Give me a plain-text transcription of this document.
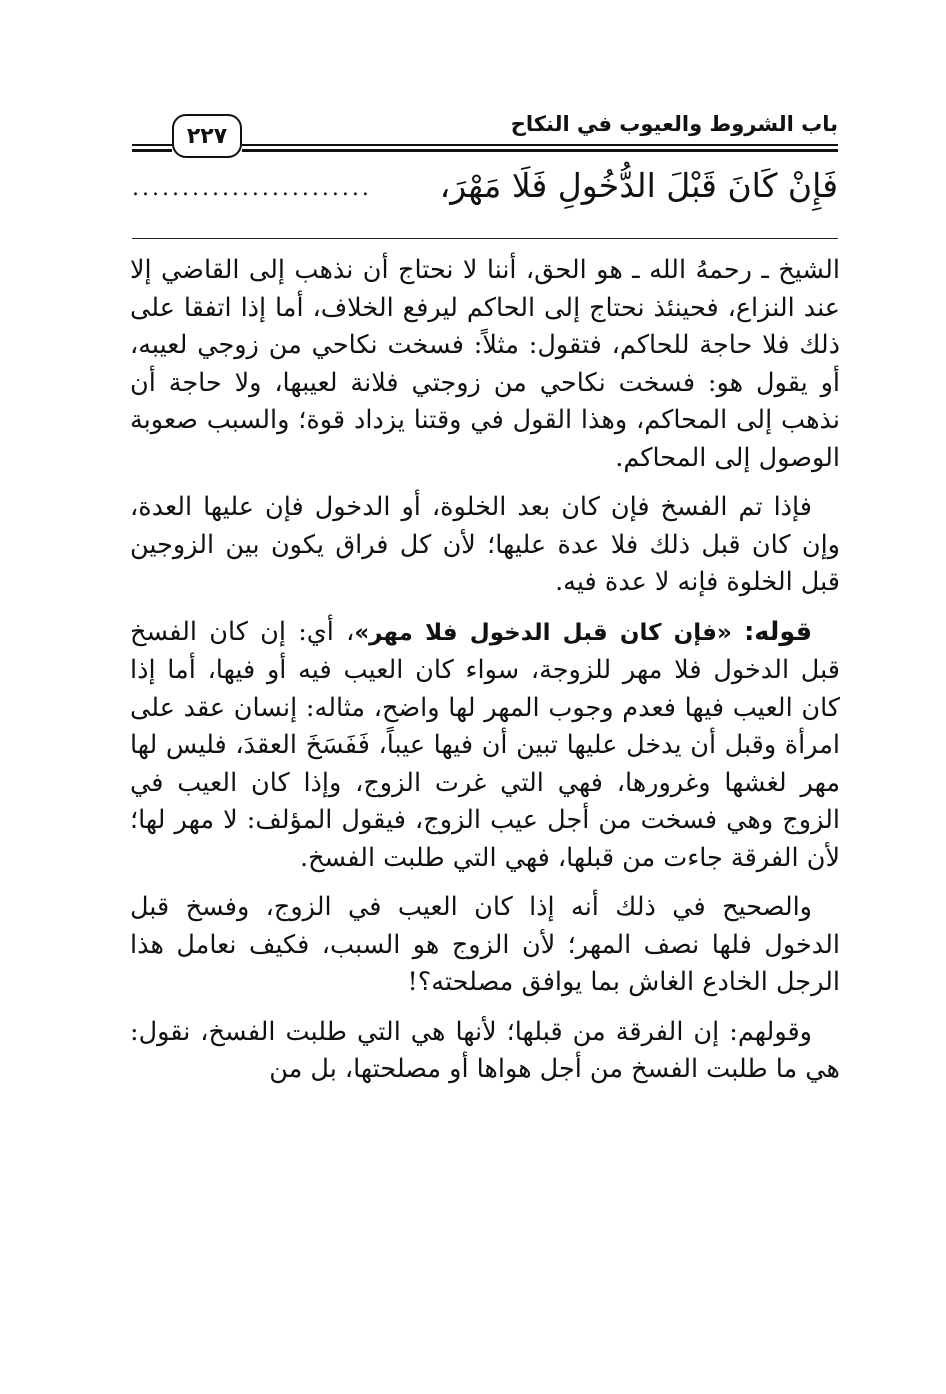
باب الشروط والعيوب في النكاح
٢٢٧
فَإِنْ كَانَ قَبْلَ الدُّخُولِ فَلَا مَهْرَ،
........................

الشيخ ـ رحمهُ الله ـ هو الحق، أننا لا نحتاج أن نذهب إلى القاضي إلا عند النزاع، فحينئذ نحتاج إلى الحاكم ليرفع الخلاف، أما إذا اتفقا على ذلك فلا حاجة للحاكم، فتقول: مثلاً: فسخت نكاحي من زوجي لعيبه، أو يقول هو: فسخت نكاحي من زوجتي فلانة لعيبها، ولا حاجة أن نذهب إلى المحاكم، وهذا القول في وقتنا يزداد قوة؛ والسبب صعوبة الوصول إلى المحاكم.

فإذا تم الفسخ فإن كان بعد الخلوة، أو الدخول فإن عليها العدة، وإن كان قبل ذلك فلا عدة عليها؛ لأن كل فراق يكون بين الزوجين قبل الخلوة فإنه لا عدة فيه.

قوله: «فإن كان قبل الدخول فلا مهر»، أي: إن كان الفسخ قبل الدخول فلا مهر للزوجة، سواء كان العيب فيه أو فيها، أما إذا كان العيب فيها فعدم وجوب المهر لها واضح، مثاله: إنسان عقد على امرأة وقبل أن يدخل عليها تبين أن فيها عيباً، فَفَسَخَ العقدَ، فليس لها مهر لغشها وغرورها، فهي التي غرت الزوج، وإذا كان العيب في الزوج وهي فسخت من أجل عيب الزوج، فيقول المؤلف: لا مهر لها؛ لأن الفرقة جاءت من قبلها، فهي التي طلبت الفسخ.

والصحيح في ذلك أنه إذا كان العيب في الزوج، وفسخ قبل الدخول فلها نصف المهر؛ لأن الزوج هو السبب، فكيف نعامل هذا الرجل الخادع الغاش بما يوافق مصلحته؟!

وقولهم: إن الفرقة من قبلها؛ لأنها هي التي طلبت الفسخ، نقول: هي ما طلبت الفسخ من أجل هواها أو مصلحتها، بل من
